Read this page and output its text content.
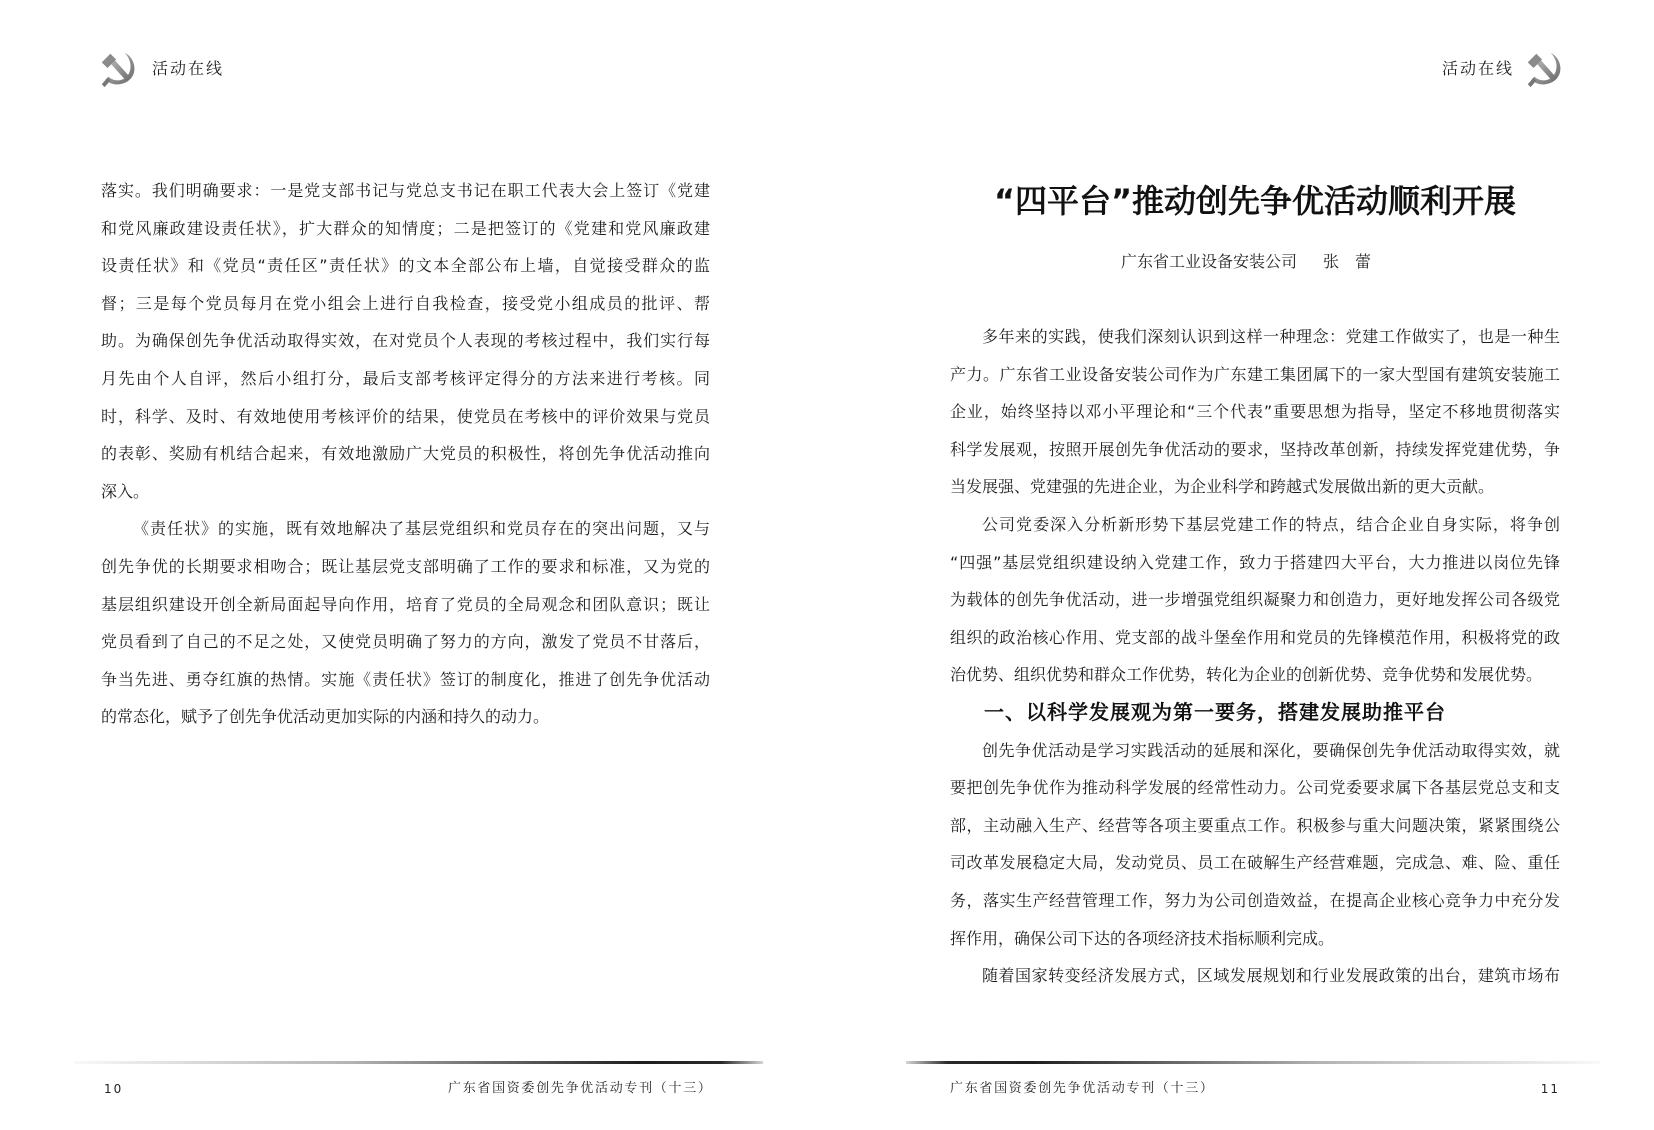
活动在线
落实。我们明确要求：一是党支部书记与党总支书记在职工代表大会上签订《党建
和党风廉政建设责任状》，扩大群众的知情度；二是把签订的《党建和党风廉政建
设责任状》和《党员“责任区”责任状》的文本全部公布上墙，自觉接受群众的监
督；三是每个党员每月在党小组会上进行自我检查，接受党小组成员的批评、帮
助。为确保创先争优活动取得实效，在对党员个人表现的考核过程中，我们实行每
月先由个人自评，然后小组打分，最后支部考核评定得分的方法来进行考核。同
时，科学、及时、有效地使用考核评价的结果，使党员在考核中的评价效果与党员
的表彰、奖励有机结合起来，有效地激励广大党员的积极性，将创先争优活动推向
深入。
《责任状》的实施，既有效地解决了基层党组织和党员存在的突出问题，又与
创先争优的长期要求相吻合；既让基层党支部明确了工作的要求和标准，又为党的
基层组织建设开创全新局面起导向作用，培育了党员的全局观念和团队意识；既让
党员看到了自己的不足之处，又使党员明确了努力的方向，激发了党员不甘落后，
争当先进、勇夺红旗的热情。实施《责任状》签订的制度化，推进了创先争优活动
的常态化，赋予了创先争优活动更加实际的内涵和持久的动力。
10	广东省国资委创先争优活动专刊（十三）
活动在线
“四平台”推动创先争优活动顺利开展
广东省工业设备安装公司 张　蕾
多年来的实践，使我们深刻认识到这样一种理念：党建工作做实了，也是一种生
产力。广东省工业设备安装公司作为广东建工集团属下的一家大型国有建筑安装施工
企业，始终坚持以邓小平理论和“三个代表”重要思想为指导，坚定不移地贯彻落实
科学发展观，按照开展创先争优活动的要求，坚持改革创新，持续发挥党建优势，争
当发展强、党建强的先进企业，为企业科学和跨越式发展做出新的更大贡献。
公司党委深入分析新形势下基层党建工作的特点，结合企业自身实际，将争创
“四强”基层党组织建设纳入党建工作，致力于搭建四大平台，大力推进以岗位先锋
为载体的创先争优活动，进一步增强党组织凝聚力和创造力，更好地发挥公司各级党
组织的政治核心作用、党支部的战斗堡垒作用和党员的先锋模范作用，积极将党的政
治优势、组织优势和群众工作优势，转化为企业的创新优势、竞争优势和发展优势。
一、以科学发展观为第一要务，搭建发展助推平台
创先争优活动是学习实践活动的延展和深化，要确保创先争优活动取得实效，就
要把创先争优作为推动科学发展的经常性动力。公司党委要求属下各基层党总支和支
部，主动融入生产、经营等各项主要重点工作。积极参与重大问题决策，紧紧围绕公
司改革发展稳定大局，发动党员、员工在破解生产经营难题，完成急、难、险、重任
务，落实生产经营管理工作，努力为公司创造效益，在提高企业核心竞争力中充分发
挥作用，确保公司下达的各项经济技术指标顺利完成。
随着国家转变经济发展方式，区域发展规划和行业发展政策的出台，建筑市场布
广东省国资委创先争优活动专刊（十三）	11
